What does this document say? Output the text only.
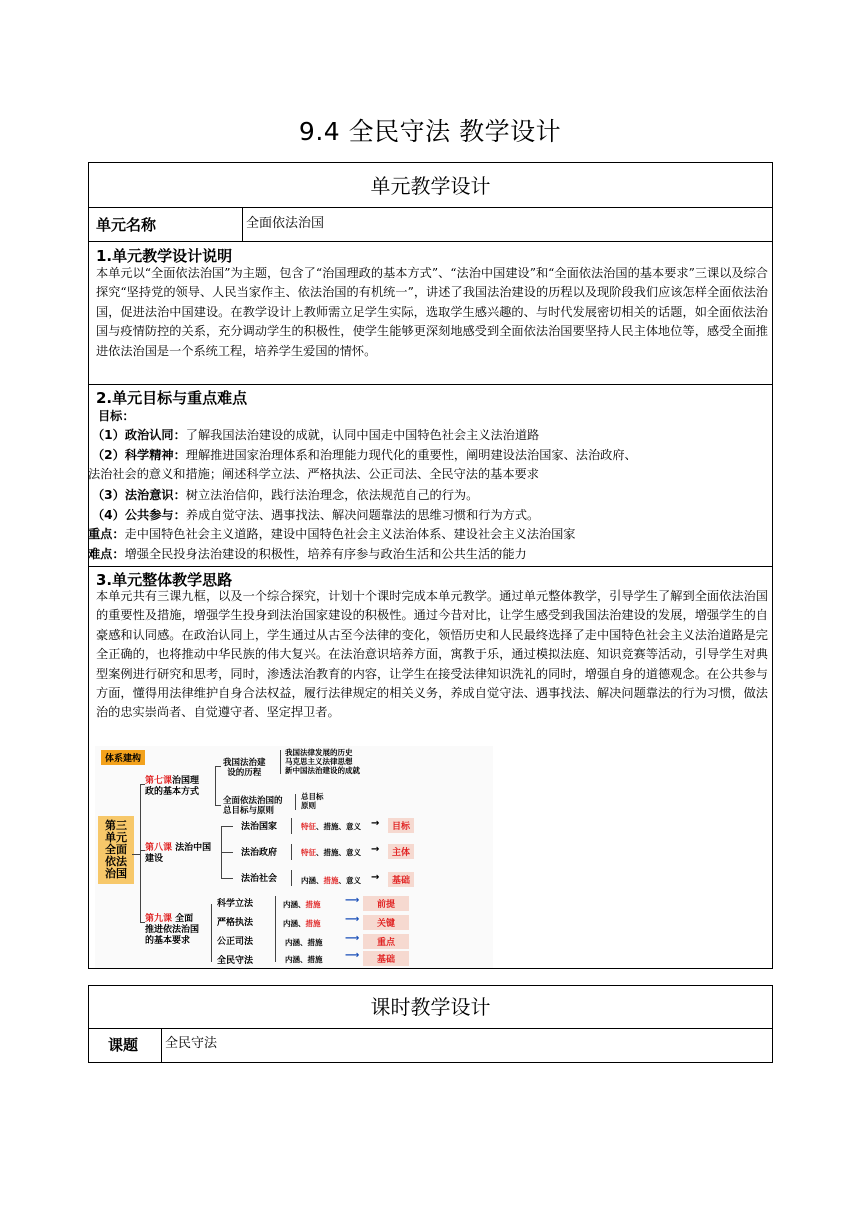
9.4 全民守法 教学设计
单元教学设计
单元名称	全面依法治国
1.单元教学设计说明
本单元以“全面依法治国”为主题，包含了“治国理政的基本方式”、“法治中国建设”和“全面依法治国的基本要求”三课以及综合探究“坚持党的领导、人民当家作主、依法治国的有机统一”，讲述了我国法治建设的历程以及现阶段我们应该怎样全面依法治国，促进法治中国建设。在教学设计上教师需立足学生实际，选取学生感兴趣的、与时代发展密切相关的话题，如全面依法治国与疫情防控的关系，充分调动学生的积极性，使学生能够更深刻地感受到全面依法治国要坚持人民主体地位等，感受全面推进依法治国是一个系统工程，培养学生爱国的情怀。
2.单元目标与重点难点
目标：
（1）政治认同：了解我国法治建设的成就，认同中国走中国特色社会主义法治道路
（2）科学精神：理解推进国家治理体系和治理能力现代化的重要性，阐明建设法治国家、法治政府、
法治社会的意义和措施；阐述科学立法、严格执法、公正司法、全民守法的基本要求
（3）法治意识：树立法治信仰，践行法治理念，依法规范自己的行为。
（4）公共参与：养成自觉守法、遇事找法、解决问题靠法的思维习惯和行为方式。
重点：走中国特色社会主义道路，建设中国特色社会主义法治体系、建设社会主义法治国家
难点：增强全民投身法治建设的积极性，培养有序参与政治生活和公共生活的能力
3.单元整体教学思路
本单元共有三课九框，以及一个综合探究，计划十个课时完成本单元教学。通过单元整体教学，引导学生了解到全面依法治国的重要性及措施，增强学生投身到法治国家建设的积极性。通过今昔对比，让学生感受到我国法治建设的发展，增强学生的自豪感和认同感。在政治认同上，学生通过从古至今法律的变化，领悟历史和人民最终选择了走中国特色社会主义法治道路是完全正确的，也将推动中华民族的伟大复兴。在法治意识培养方面，寓教于乐，通过模拟法庭、知识竞赛等活动，引导学生对典型案例进行研究和思考，同时，渗透法治教育的内容，让学生在接受法律知识洗礼的同时，增强自身的道德观念。在公共参与方面，懂得用法律维护自身合法权益，履行法律规定的相关义务，养成自觉守法、遇事找法、解决问题靠法的行为习惯，做法治的忠实崇尚者、自觉遵守者、坚定捍卫者。
体系建构
第三
单元
全面
依法
治国
第七课治国理
政的基本方式
我国法治建
设的历程
我国法律发展的历史
马克思主义法律思想
新中国法治建设的成就
全面依法治国的
总目标与原则
总目标
原则
第八课 法治中国
建设
法治国家	特征、措施、意义 →	目标
法治政府	特征、措施、意义 →	主体
法治社会	内涵、措施、意义 →	基础
第九课 全面
推进依法治国
的基本要求
科学立法	内涵、措施 ⟶	前提
严格执法	内涵、措施 ⟶	关键
公正司法	内涵、措施 ⟶	重点
全民守法	内涵、措施 ⟶	基础
课时教学设计
课题 全民守法
